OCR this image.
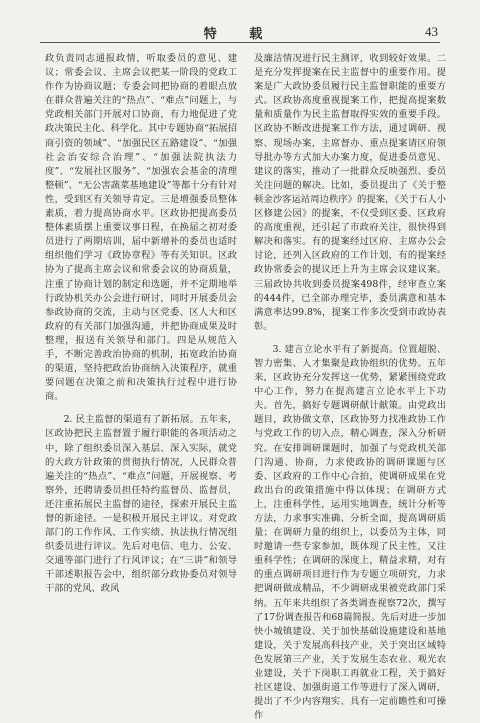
特 载	43

政负责同志通报政情，听取委员的意见、建议；常委会议、主席会议把某一阶段的党政工作作为协商议题；专委会同把协商的着眼点放在群众普遍关注的“热点”、“难点”问题上，与党政相关部门开展对口协商，有力地促进了党政决策民主化、科学化。其中专题协商“拓展招商引资的领域”、“加强民区五路建设”、“加强社会治安综合治理”、“加强法院执法力度”、“发展社区服务”、“加强农会基金的清理整顿”、“无公害蔬菜基地建设”等都十分有针对性，受到区有关领导肯定。三是增强委员整体素质，着力提高协商水平。区政协把提高委员整体素质摆上重要议事日程，在换届之初对委员进行了两期培训，届中新增补的委员也适时组织他们学习《政协章程》等有关知识。区政协为了提高主席会议和常委会议的协商质量，注重了协商计划的制定和选题，并不定期地举行政协机关办公会进行研讨，同时开展委员会参政协商的交流，主动与区党委、区人大和区政府的有关部门加强沟通，并把协商成果及时整理，报送有关领导和部门。四是从规范入手，不断完善政治协商的机制，拓宽政治协商的渠道，坚持把政治协商纳入决策程序，就重要问题在决策之前和决策执行过程中进行协商。

2. 民主监督的渠道有了新拓展。五年来，区政协把民主监督置于履行职能的各项活动之中，除了组织委员深入基层、深入实际，就党的大政方针政策的贯彻执行情况，人民群众普遍关注的“热点”、“难点”问题，开展视察、考察外，还聘请委员担任特约监督员、监督员，还注重拓展民主监督的途径，探索开展民主监督的新途径。一是积极开展民主评议。对党政部门的工作作风、工作实绩、执法执行情况组织委员进行评议。先后对电信、电力、公安、交通等部门进行了行风评议；在“三讲”和领导干部述职报告会中，组织部分政协委员对领导干部的党风、政风

及廉洁情况进行民主测评，收到较好效果。二是充分发挥提案在民主监督中的重要作用。提案是广大政协委员履行民主监督职能的重要方式。区政协高度重视提案工作，把提高提案数量和质量作为民主监督取得实效的重要手段。区政协不断改进提案工作方法，通过调研、视察、现场办案，主席督办、重点提案请区府领导批办等方式加大办案力度，促进委员意见、建议的落实，推动了一批群众反映强烈、委员关注问题的解决。比如，委员提出了《关于整顿金沙客运站周边秩序》的提案，《关于石人小区修建公园》的提案，不仅受到区委、区政府的高度重视，还引起了市政府关注，很快得到解决和落实。有的提案经过区府、主席办公会讨论，还列入区政府的工作计划，有的提案经政协常委会的提议还上升为主席会议建议案。三届政协共收到委员提案498件，经审查立案的444件，已全部办理完毕，委员满意和基本满意率达99.8%，提案工作多次受到市政协表彰。

3. 建言立论水平有了新提高。位置超脱、智力密集、人才集聚是政协组织的优势。五年来，区政协充分发挥这一优势，紧紧围绕党政中心工作，努力在提高建言立论水平上下功夫。首先，搞好专题调研献计献策。由党政出题目，政协做文章，区政协努力找准政协工作与党政工作的切入点，精心调查，深入分析研究。在安排调研课题时，加强了与党政机关部门沟通、协商，力求使政协的调研课题与区委、区政府的工作中心合拍，使调研成果在党政出台的政策措施中得以体现；在调研方式上，注重科学性，运用实地调查，统计分析等方法，力求事实准确、分析全面，提高调研质量；在调研力量的组织上，以委员为主体，同时邀请一些专家参加，既体现了民主性，又注重科学性；在调研的深度上，精益求精，对有的重点调研项目进行作为专题立项研究，力求把调研做成精品，不少调研成果被党政部门采纳。五年来共组织了各类调查视察72次，撰写了17份调查报告和68篇简报。先后对进一步加快小城镇建设、关于加快基础设施建设和基地建设，关于发展高科技产业，关于突出区域特色发展第三产业，关于发展生态农业、观光农业建设，关于下岗职工再就业工程，关于搞好社区建设、加强街道工作等进行了深入调研，提出了不少内容翔实、具有一定前瞻性和可操作
